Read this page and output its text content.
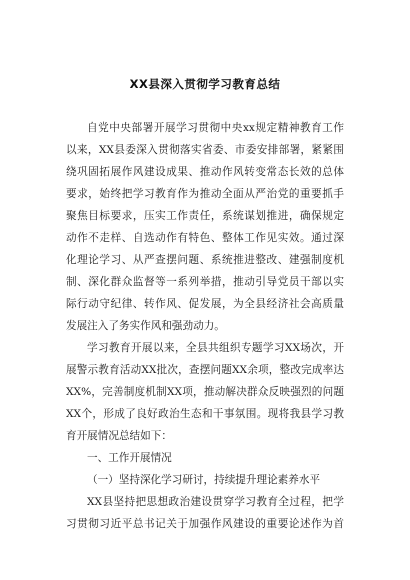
XX县深入贯彻学习教育总结
自党中央部署开展学习贯彻中央xx规定精神教育工作
以来，XX县委深入贯彻落实省委、市委安排部署，紧紧围
绕巩固拓展作风建设成果、推动作风转变常态长效的总体
要求，始终把学习教育作为推动全面从严治党的重要抓手
聚焦目标要求，压实工作责任，系统谋划推进，确保规定
动作不走样、自选动作有特色、整体工作见实效。通过深
化理论学习、从严查摆问题、系统推进整改、建强制度机
制、深化群众监督等一系列举措，推动引导党员干部以实
际行动守纪律、转作风、促发展，为全县经济社会高质量
发展注入了务实作风和强劲动力。
学习教育开展以来，全县共组织专题学习XX场次，开
展警示教育活动XX批次，查摆问题XX余项，整改完成率达
XX%，完善制度机制XX项，推动解决群众反映强烈的问题
XX个，形成了良好政治生态和干事氛围。现将我县学习教
育开展情况总结如下：
一、工作开展情况
（一）坚持深化学习研讨，持续提升理论素养水平
XX县坚持把思想政治建设贯穿学习教育全过程，把学
习贯彻习近平总书记关于加强作风建设的重要论述作为首
